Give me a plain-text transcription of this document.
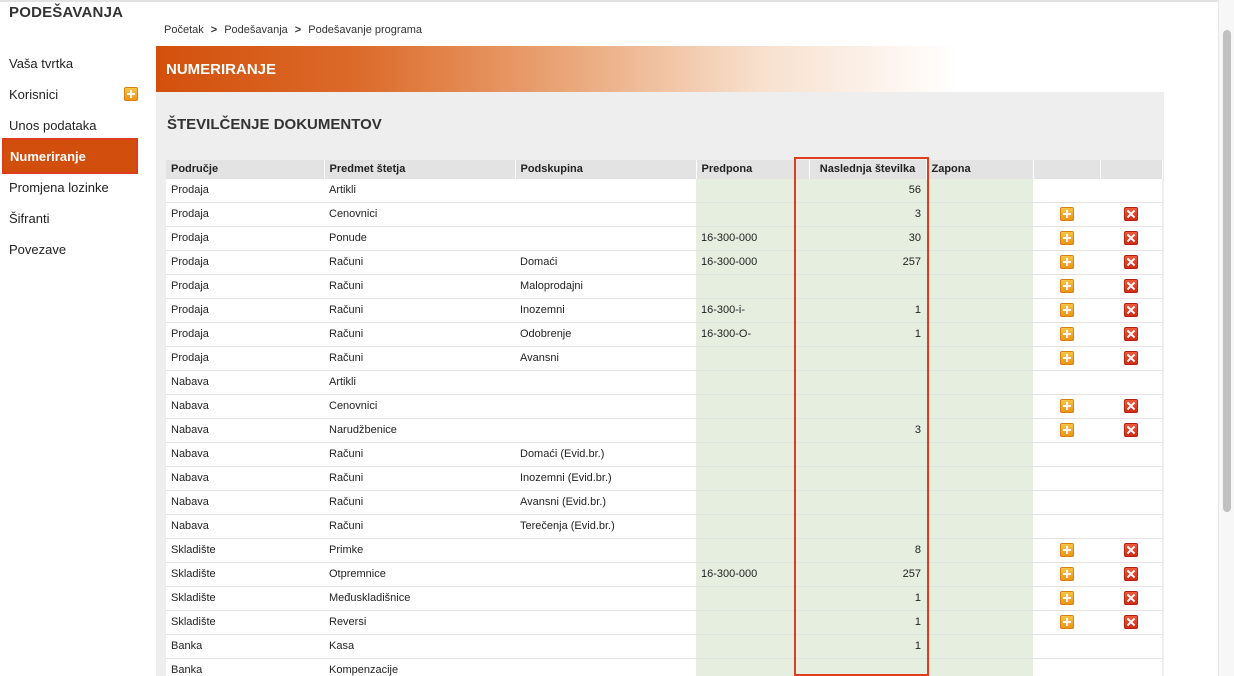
PODEŠAVANJA
Vaša tvrtka
Korisnici
Unos podataka
Numeriranje
Promjena lozinke
Šifranti
Povezave
Početak > Podešavanja > Podešavanje programa
NUMERIRANJE
ŠTEVILČENJE DOKUMENTOV
Područje	Predmet štetja	Podskupina	Predpona	Naslednja številka	Zapona		
Prodaja	Artikli			56			
Prodaja	Cenovnici			3			
Prodaja	Ponude		16-300-000	30			
Prodaja	Računi	Domaći	16-300-000	257			
Prodaja	Računi	Maloprodajni					
Prodaja	Računi	Inozemni	16-300-i-	1			
Prodaja	Računi	Odobrenje	16-300-O-	1			
Prodaja	Računi	Avansni					
Nabava	Artikli						
Nabava	Cenovnici						
Nabava	Narudžbenice			3			
Nabava	Računi	Domaći (Evid.br.)					
Nabava	Računi	Inozemni (Evid.br.)					
Nabava	Računi	Avansni (Evid.br.)					
Nabava	Računi	Terečenja (Evid.br.)					
Skladište	Primke			8			
Skladište	Otpremnice		16-300-000	257			
Skladište	Međuskladišnice			1			
Skladište	Reversi			1			
Banka	Kasa			1			
Banka	Kompenzacije						
